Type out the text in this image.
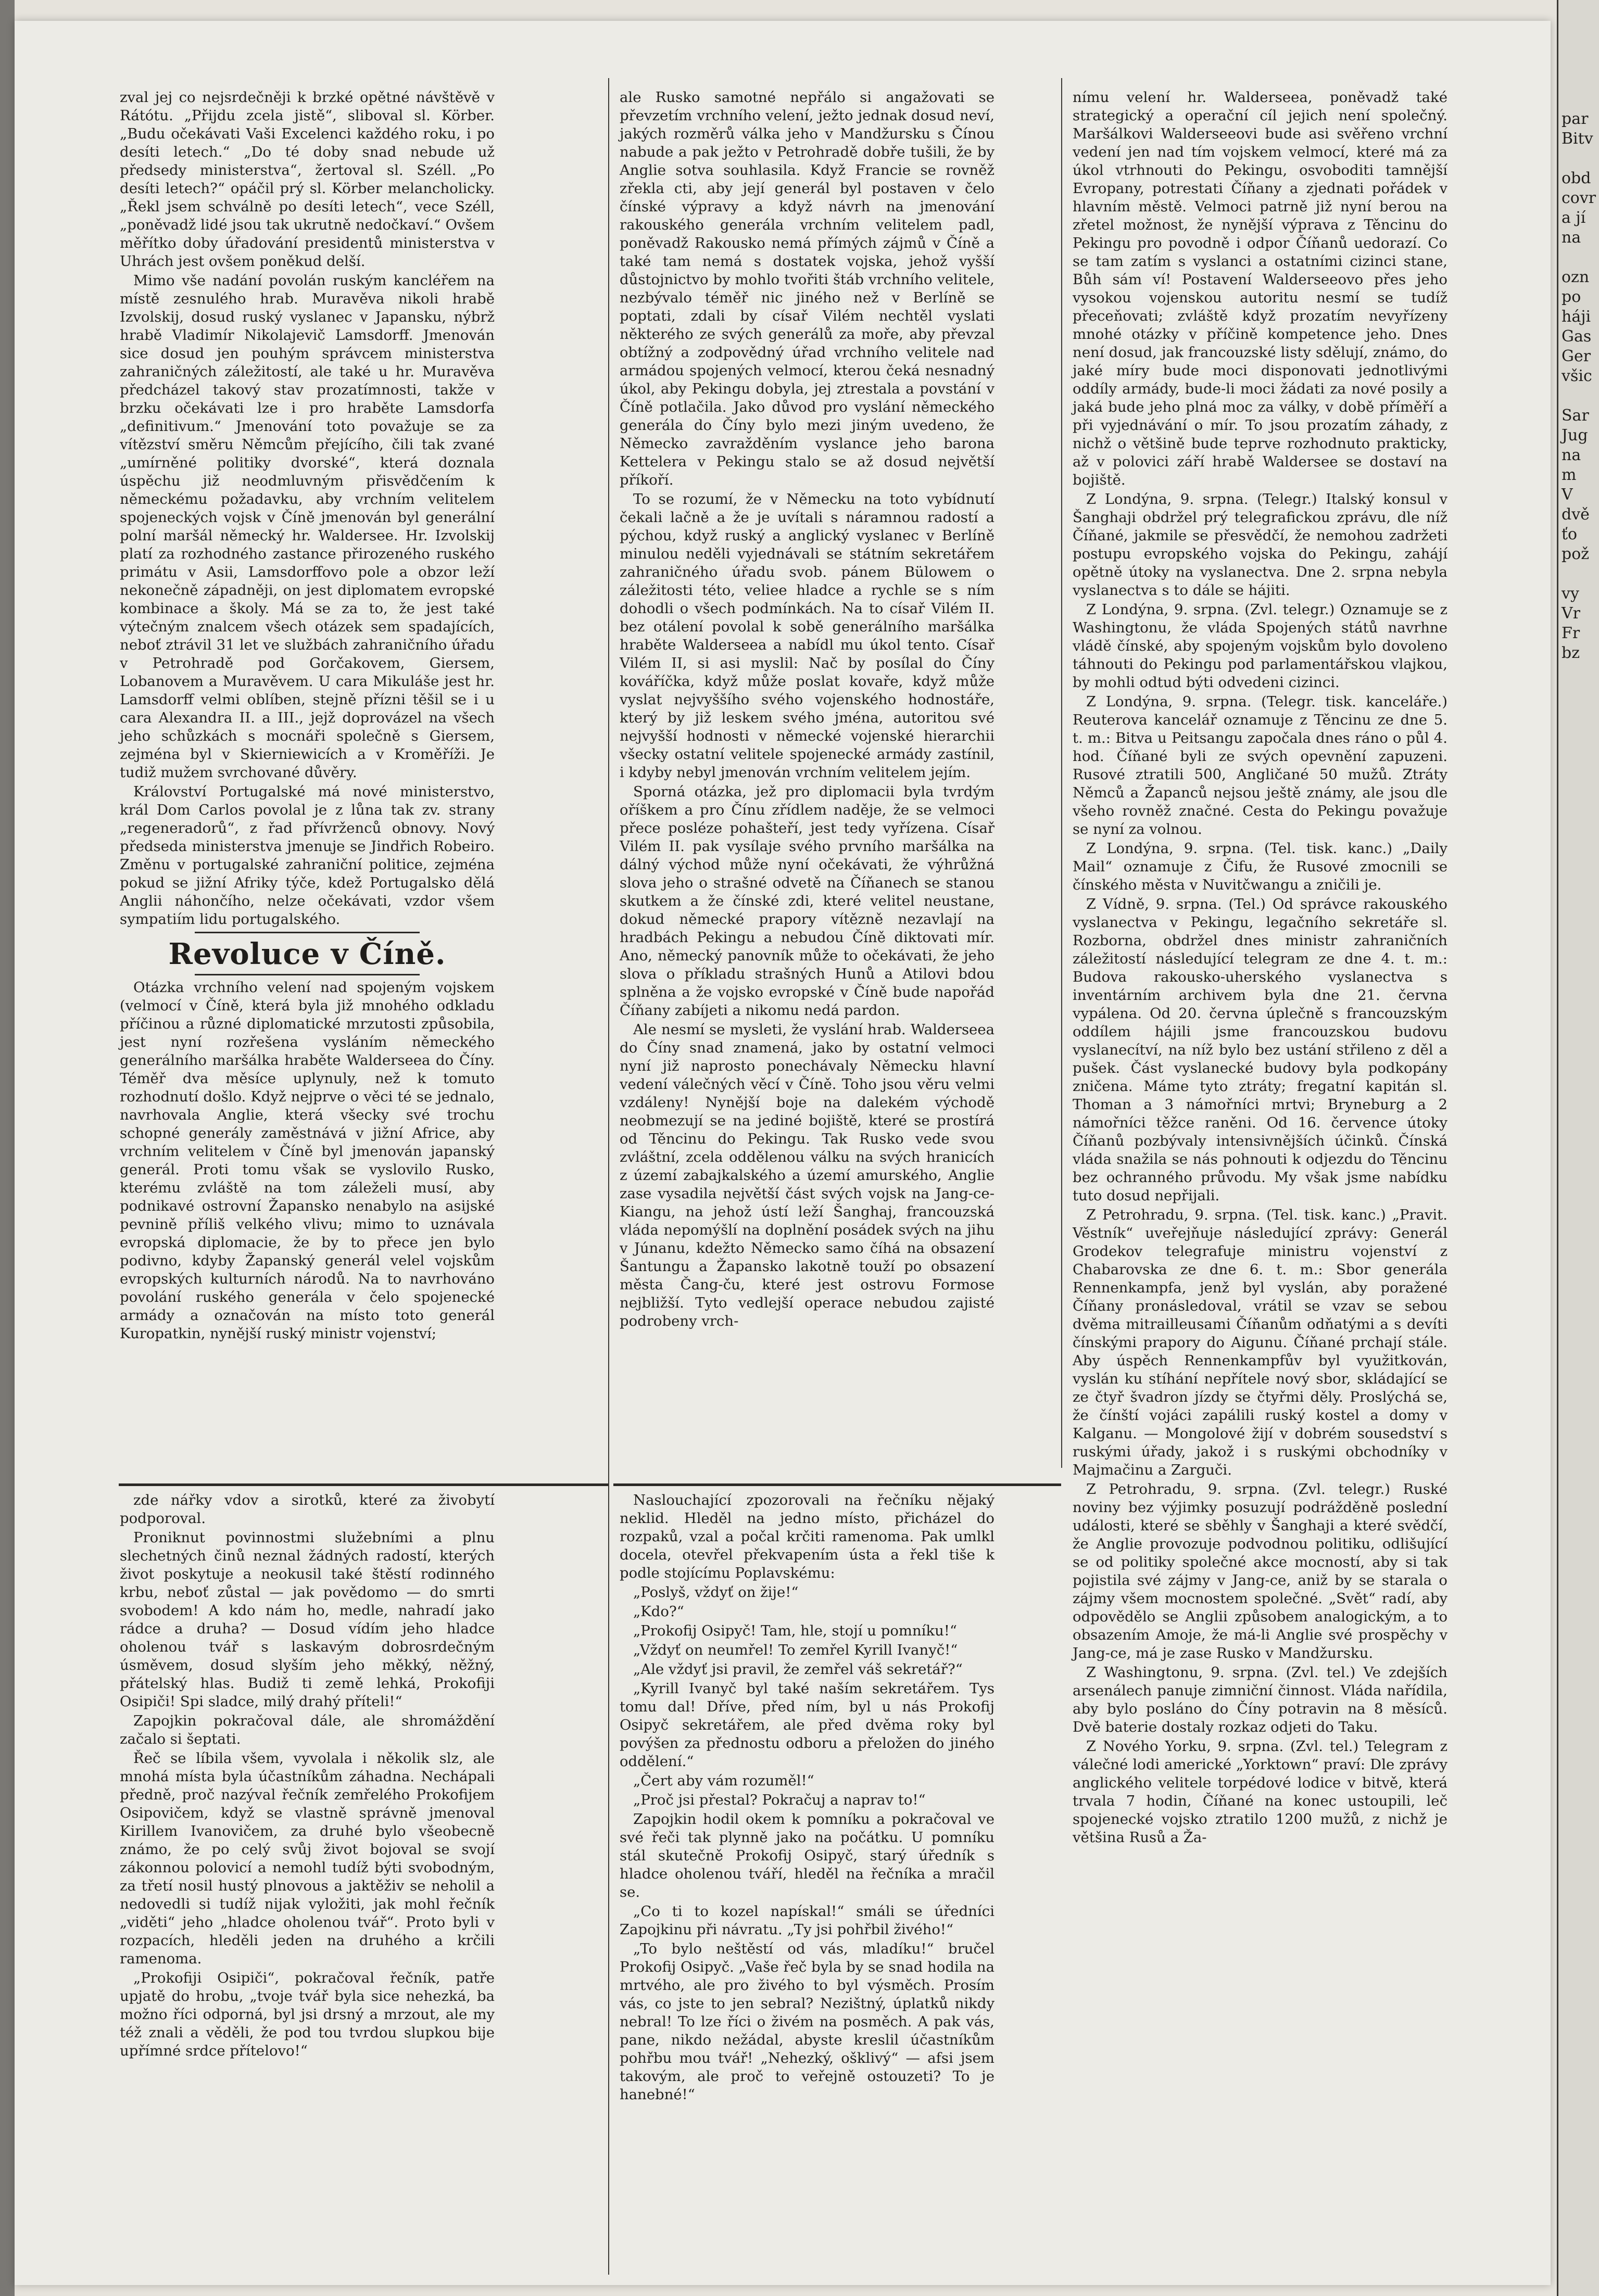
zval jej co nejsrdečněji k brzké opětné návštěvě v Rátótu. „Přijdu zcela jistě“, sliboval sl. Körber. „Budu očekávati Vaši Excelenci každého roku, i po desíti letech.“ „Do té doby snad nebude už předsedy ministerstva“, žertoval sl. Széll. „Po desíti letech?“ opáčil prý sl. Körber melancholicky. „Řekl jsem schválně po desíti letech“, vece Széll, „poněvadž lidé jsou tak ukrutně nedočkaví.“ Ovšem měřítko doby úřadování presidentů ministerstva v Uhrách jest ovšem poněkud delší.

Mimo vše nadání povolán ruským kancléřem na místě zesnulého hrab. Muravěva nikoli hrabě Izvolskij, dosud ruský vyslanec v Japansku, nýbrž hrabě Vladimír Nikolajevič Lamsdorff. Jmenován sice dosud jen pouhým správcem ministerstva zahraničných záležitostí, ale také u hr. Muravěva předcházel takový stav prozatímnosti, takže v brzku očekávati lze i pro hraběte Lamsdorfa „definitivum.“ Jmenování toto považuje se za vítězství směru Němcům přejícího, čili tak zvané „umírněné politiky dvorské“, která doznala úspěchu již neodmluvným přisvědčením k německému požadavku, aby vrchním velitelem spojeneckých vojsk v Číně jmenován byl generální polní maršál německý hr. Waldersee. Hr. Izvolskij platí za rozhodného zastance přirozeného ruského primátu v Asii, Lamsdorffovo pole a obzor leží nekonečně západněji, on jest diplomatem evropské kombinace a školy. Má se za to, že jest také výtečným znalcem všech otázek sem spadajících, neboť ztrávil 31 let ve službách zahraničního úřadu v Petrohradě pod Gorčakovem, Giersem, Lobanovem a Muravěvem. U cara Mikuláše jest hr. Lamsdorff velmi oblíben, stejně přízni těšil se i u cara Alexandra II. a III., jejž doprovázel na všech jeho schůzkách s mocnáři společně s Giersem, zejména byl v Skierniewicích a v Kroměříži. Je tudiž mužem svrchované důvěry.

Království Portugalské má nové ministerstvo, král Dom Carlos povolal je z lůna tak zv. strany „regeneradorů“, z řad přívrženců obnovy. Nový předseda ministerstva jmenuje se Jindřich Robeiro. Změnu v portugalské zahraniční politice, zejména pokud se jižní Afriky týče, kdež Portugalsko dělá Anglii náhončího, nelze očekávati, vzdor všem sympatiím lidu portugalského.

Revoluce v Číně.

Otázka vrchního velení nad spojeným vojskem (velmocí v Číně, která byla již mnohého odkladu příčinou a různé diplomatické mrzutosti způsobila, jest nyní rozřešena vysláním německého generálního maršálka hraběte Walderseea do Číny. Téměř dva měsíce uplynuly, než k tomuto rozhodnutí došlo. Když nejprve o věci té se jednalo, navrhovala Anglie, která všecky své trochu schopné generály zaměstnává v jižní Africe, aby vrchním velitelem v Číně byl jmenován japanský generál. Proti tomu však se vyslovilo Rusko, kterému zvláště na tom záleželi musí, aby podnikavé ostrovní Žapansko nenabylo na asijské pevnině příliš velkého vlivu; mimo to uznávala evropská diplomacie, že by to přece jen bylo podivno, kdyby Žapanský generál velel vojskům evropských kulturních národů. Na to navrhováno povolání ruského generála v čelo spojenecké armády a označován na místo toto generál Kuropatkin, nynější ruský ministr vojenství;

ale Rusko samotné nepřálo si angažovati se převzetím vrchního velení, ježto jednak dosud neví, jakých rozměrů válka jeho v Mandžursku s Čínou nabude a pak ježto v Petrohradě dobře tušili, že by Anglie sotva souhlasila. Když Francie se rovněž zřekla cti, aby její generál byl postaven v čelo čínské výpravy a když návrh na jmenování rakouského generála vrchním velitelem padl, poněvadž Rakousko nemá přímých zájmů v Číně a také tam nemá s dostatek vojska, jehož vyšší důstojnictvo by mohlo tvořiti štáb vrchního velitele, nezbývalo téměř nic jiného než v Berlíně se poptati, zdali by císař Vilém nechtěl vyslati některého ze svých generálů za moře, aby převzal obtížný a zodpovědný úřad vrchního velitele nad armádou spojených velmocí, kterou čeká nesnadný úkol, aby Pekingu dobyla, jej ztrestala a povstání v Číně potlačila. Jako důvod pro vyslání německého generála do Číny bylo mezi jiným uvedeno, že Německo zavražděním vyslance jeho barona Kettelera v Pekingu stalo se až dosud největší příkoří.

To se rozumí, že v Německu na toto vybídnutí čekali lačně a že je uvítali s náramnou radostí a pýchou, když ruský a anglický vyslanec v Berlíně minulou neděli vyjednávali se státním sekretářem zahraničného úřadu svob. pánem Bülowem o záležitosti této, veliee hladce a rychle se s ním dohodli o všech podmínkách. Na to císař Vilém II. bez otálení povolal k sobě generálního maršálka hraběte Walderseea a nabídl mu úkol tento. Císař Vilém II, si asi myslil: Nač by posílal do Číny kováříčka, když může poslat kovaře, když může vyslat nejvyššího svého vojenského hodnostáře, který by již leskem svého jména, autoritou své nejvyšší hodnosti v německé vojenské hierarchii všecky ostatní velitele spojenecké armády zastínil, i kdyby nebyl jmenován vrchním velitelem jejím.

Sporná otázka, jež pro diplomacii byla tvrdým oříškem a pro Čínu zřídlem naděje, že se velmoci přece posléze pohašteří, jest tedy vyřízena. Císař Vilém II. pak vysílaje svého prvního maršálka na dálný východ může nyní očekávati, že výhrůžná slova jeho o strašné odvetě na Číňanech se stanou skutkem a že čínské zdi, které velitel neustane, dokud německé prapory vítězně nezavlají na hradbách Pekingu a nebudou Číně diktovati mír. Ano, německý panovník může to očekávati, že jeho slova o příkladu strašných Hunů a Atilovi bdou splněna a že vojsko evropské v Číně bude napořád Číňany zabíjeti a nikomu nedá pardon.

Ale nesmí se mysleti, že vyslání hrab. Walderseea do Číny snad znamená, jako by ostatní velmoci nyní již naprosto ponechávaly Německu hlavní vedení válečných věcí v Číně. Toho jsou věru velmi vzdáleny! Nynější boje na dalekém východě neobmezují se na jediné bojiště, které se prostírá od Těncinu do Pekingu. Tak Rusko vede svou zvláštní, zcela oddělenou válku na svých hranicích z území zabajkalského a území amurského, Anglie zase vysadila největší část svých vojsk na Jang-ce-Kiangu, na jehož ústí leží Šanghaj, francouzská vláda nepomýšlí na doplnění posádek svých na jihu v Júnanu, kdežto Německo samo číhá na obsazení Šantungu a Žapansko lakotně touží po obsazení města Čang-ču, které jest ostrovu Formose nejbližší. Tyto vedlejší operace nebudou zajisté podrobeny vrch-

nímu velení hr. Walderseea, poněvadž také strategický a operační cíl jejich není společný. Maršálkovi Walderseeovi bude asi svěřeno vrchní vedení jen nad tím vojskem velmocí, které má za úkol vtrhnouti do Pekingu, osvoboditi tamnější Evropany, potrestati Číňany a zjednati pořádek v hlavním městě. Velmoci patrně již nyní berou na zřetel možnost, že nynější výprava z Těncinu do Pekingu pro povodně i odpor Číňanů uedorazí. Co se tam zatím s vyslanci a ostatními cizinci stane, Bůh sám ví! Postavení Walderseeovo přes jeho vysokou vojenskou autoritu nesmí se tudíž přeceňovati; zvláště když prozatím nevyřízeny mnohé otázky v příčině kompetence jeho. Dnes není dosud, jak francouzské listy sdělují, známo, do jaké míry bude moci disponovati jednotlivými oddíly armády, bude-li moci žádati za nové posily a jaká bude jeho plná moc za války, v době příměří a při vyjednávání o mír. To jsou prozatím záhady, z nichž o většině bude teprve rozhodnuto prakticky, až v polovici září hrabě Waldersee se dostaví na bojiště.

Z Londýna, 9. srpna. (Telegr.) Italský konsul v Šanghaji obdržel prý telegrafickou zprávu, dle níž Číňané, jakmile se přesvědčí, že nemohou zadržeti postupu evropského vojska do Pekingu, zahájí opětně útoky na vyslanectva. Dne 2. srpna nebyla vyslanectva s to dále se hájiti.

Z Londýna, 9. srpna. (Zvl. telegr.) Oznamuje se z Washingtonu, že vláda Spojených států navrhne vládě čínské, aby spojeným vojskům bylo dovoleno táhnouti do Pekingu pod parlamentářskou vlajkou, by mohli odtud býti odvedeni cizinci.

Z Londýna, 9. srpna. (Telegr. tisk. kanceláře.) Reuterova kancelář oznamuje z Těncinu ze dne 5. t. m.: Bitva u Peitsangu započala dnes ráno o půl 4. hod. Číňané byli ze svých opevnění zapuzeni. Rusové ztratili 500, Angličané 50 mužů. Ztráty Němců a Žapanců nejsou ještě známy, ale jsou dle všeho rovněž značné. Cesta do Pekingu považuje se nyní za volnou.

Z Londýna, 9. srpna. (Tel. tisk. kanc.) „Daily Mail“ oznamuje z Čifu, že Rusové zmocnili se čínského města v Nuvitčwangu a zničili je.

Z Vídně, 9. srpna. (Tel.) Od správce rakouského vyslanectva v Pekingu, legačního sekretáře sl. Rozborna, obdržel dnes ministr zahraničních záležitostí následující telegram ze dne 4. t. m.: Budova rakousko-uherského vyslanectva s inventárním archivem byla dne 21. června vypálena. Od 20. června úplečně s francouzským oddílem hájili jsme francouzskou budovu vyslanecítví, na níž bylo bez ustání střileno z děl a pušek. Část vyslanecké budovy byla podkopány zničena. Máme tyto ztráty; fregatní kapitán sl. Thoman a 3 námořníci mrtvi; Bryneburg a 2 námořníci těžce raněni. Od 16. července útoky Číňanů pozbývaly intensivnějších účinků. Čínská vláda snažila se nás pohnouti k odjezdu do Těncinu bez ochranného průvodu. My však jsme nabídku tuto dosud nepřijali.

Z Petrohradu, 9. srpna. (Tel. tisk. kanc.) „Pravit. Věstník“ uveřejňuje následující zprávy: Generál Grodekov telegrafuje ministru vojenství z Chabarovska ze dne 6. t. m.: Sbor generála Rennenkampfa, jenž byl vyslán, aby poražené Číňany pronásledoval, vrátil se vzav se sebou dvěma mitrailleusami Číňanům odňatými a s devíti čínskými prapory do Aigunu. Číňané prchají stále. Aby úspěch Rennenkampfův byl využitkován, vyslán ku stíhání nepřítele nový sbor, skládající se ze čtyř švadron jízdy se čtyřmi děly. Proslýchá se, že čínští vojáci zapálili ruský kostel a domy v Kalganu. — Mongolové žijí v dobrém sousedství s ruskými úřady, jakož i s ruskými obchodníky v Majmačinu a Zarguči.

Z Petrohradu, 9. srpna. (Zvl. telegr.) Ruské noviny bez výjimky posuzují podrážděně poslední události, které se sběhly v Šanghaji a které svědčí, že Anglie provozuje podvodnou politiku, odlišující se od politiky společné akce mocností, aby si tak pojistila své zájmy v Jang-ce, aniž by se starala o zájmy všem mocnostem společné. „Svět“ radí, aby odpovědělo se Anglii způsobem analogickým, a to obsazením Amoje, že má-li Anglie své prospěchy v Jang-ce, má je zase Rusko v Mandžursku.

Z Washingtonu, 9. srpna. (Zvl. tel.) Ve zdejších arsenálech panuje zimniční činnost. Vláda nařídila, aby bylo posláno do Číny potravin na 8 měsíců. Dvě baterie dostaly rozkaz odjeti do Taku.

Z Nového Yorku, 9. srpna. (Zvl. tel.) Telegram z válečné lodi americké „Yorktown“ praví: Dle zprávy anglického velitele torpédové lodice v bitvě, která trvala 7 hodin, Číňané na konec ustoupili, leč spojenecké vojsko ztratilo 1200 mužů, z nichž je většina Rusů a Ža-

zde nářky vdov a sirotků, které za živobytí podporoval.

Proniknut povinnostmi služebními a plnu slechetných činů neznal žádných radostí, kterých život poskytuje a neokusil také štěstí rodinného krbu, neboť zůstal — jak povědomo — do smrti svobodem! A kdo nám ho, medle, nahradí jako rádce a druha? — Dosud vídím jeho hladce oholenou tvář s laskavým dobrosrdečným úsměvem, dosud slyším jeho měkký, něžný, přátelský hlas. Budiž ti země lehká, Prokofiji Osipiči! Spi sladce, milý drahý příteli!“

Zapojkin pokračoval dále, ale shromáždění začalo si šeptati.

Řeč se líbila všem, vyvolala i několik slz, ale mnohá místa byla účastníkům záhadna. Nechápali předně, proč nazýval řečník zemřelého Prokofijem Osipovičem, když se vlastně správně jmenoval Kirillem Ivanovičem, za druhé bylo všeobecně známo, že po celý svůj život bojoval se svojí zákonnou polovicí a nemohl tudíž býti svobodným, za třetí nosil hustý plnovous a jaktěživ se neholil a nedovedli si tudíž nijak vyložiti, jak mohl řečník „viděti“ jeho „hladce oholenou tvář“. Proto byli v rozpacích, hleděli jeden na druhého a krčili ramenoma.

„Prokofiji Osipiči“, pokračoval řečník, patře upjatě do hrobu, „tvoje tvář byla sice nehezká, ba možno říci odporná, byl jsi drsný a mrzout, ale my též znali a věděli, že pod tou tvrdou slupkou bije upřímné srdce přítelovo!“

Naslouchající zpozorovali na řečníku nějaký neklid. Hleděl na jedno místo, přicházel do rozpaků, vzal a počal krčiti ramenoma. Pak umlkl docela, otevřel překvapením ústa a řekl tiše k podle stojícímu Poplavskému:

„Poslyš, vždyť on žije!“

„Kdo?“

„Prokofij Osipyč! Tam, hle, stojí u pomníku!“

„Vždyť on neumřel! To zemřel Kyrill Ivanyč!“

„Ale vždyť jsi pravil, že zemřel váš sekretář?“

„Kyrill Ivanyč byl také naším sekretářem. Tys tomu dal! Dříve, před ním, byl u nás Prokofij Osipyč sekretářem, ale před dvěma roky byl povýšen za přednostu odboru a přeložen do jiného oddělení.“

„Čert aby vám rozuměl!“

„Proč jsi přestal? Pokračuj a naprav to!“

Zapojkin hodil okem k pomníku a pokračoval ve své řeči tak plynně jako na počátku. U pomníku stál skutečně Prokofij Osipyč, starý úředník s hladce oholenou tváří, hleděl na řečníka a mračil se.

„Co ti to kozel napískal!“ smáli se úředníci Zapojkinu při návratu. „Ty jsi pohřbil živého!“

„To bylo neštěstí od vás, mladíku!“ bručel Prokofij Osipyč. „Vaše řeč byla by se snad hodila na mrtvého, ale pro živého to byl výsměch. Prosím vás, co jste to jen sebral? Nezištný, úplatků nikdy nebral! To lze říci o živém na posměch. A pak vás, pane, nikdo nežádal, abyste kreslil účastníkům pohřbu mou tvář! „Nehezký, ošklivý“ — afsi jsem takovým, ale proč to veřejně ostouzeti? To je hanebné!“

par

Bitv

obd

covr

a jí

na

ozn

po

háji

Gas

Ger

všic

Sar

Jug

na

m

V

dvě

ťo

pož

vy

Vr

Fr

bz
